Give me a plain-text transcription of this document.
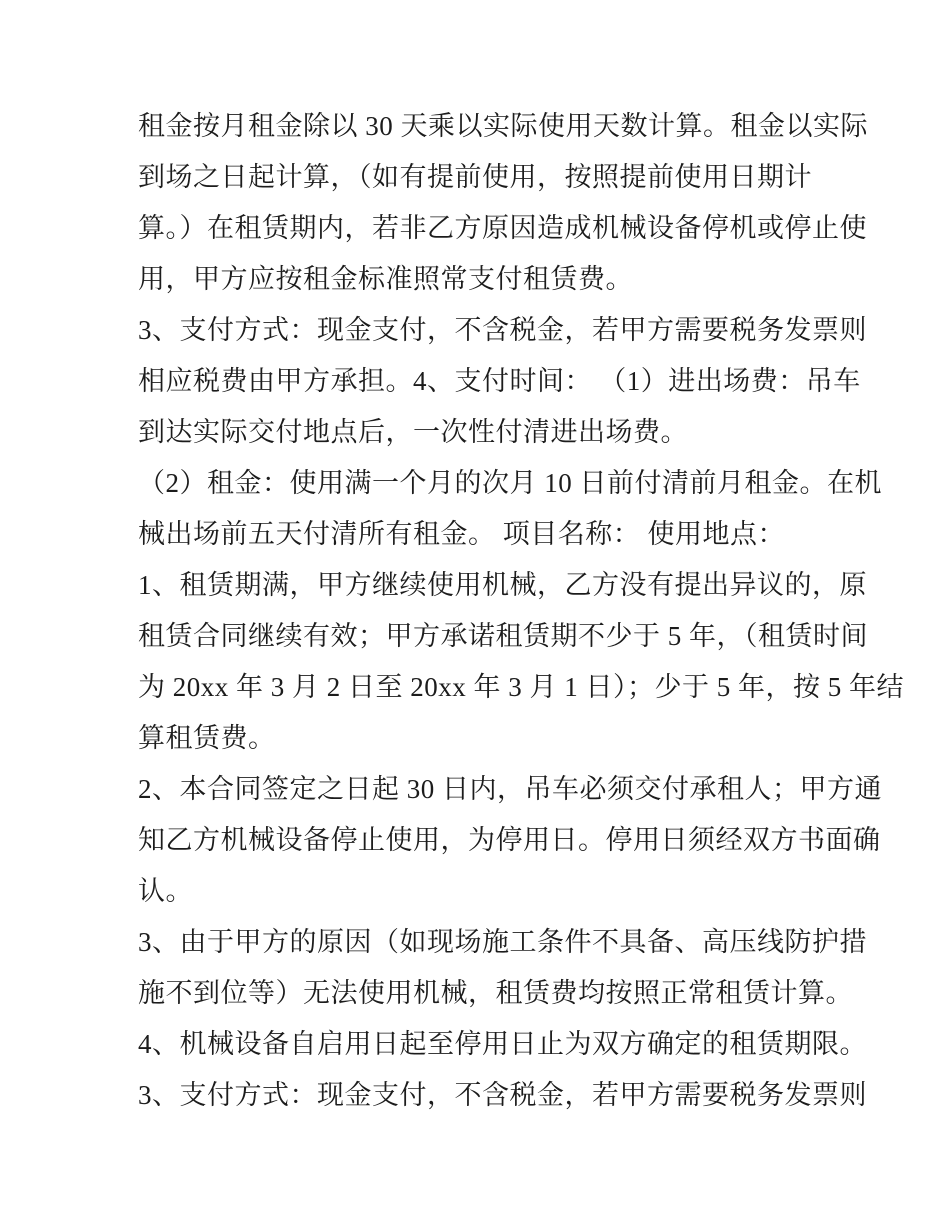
租金按月租金除以 30 天乘以实际使用天数计算。租金以实际
到场之日起计算，（如有提前使用，按照提前使用日期计
算。）在租赁期内，若非乙方原因造成机械设备停机或停止使
用，甲方应按租金标准照常支付租赁费。
3、支付方式：现金支付，不含税金，若甲方需要税务发票则
相应税费由甲方承担。4、支付时间： （1）进出场费：吊车
到达实际交付地点后，一次性付清进出场费。
（2）租金：使用满一个月的次月 10 日前付清前月租金。在机
械出场前五天付清所有租金。 项目名称： 使用地点：
1、租赁期满，甲方继续使用机械，乙方没有提出异议的，原
租赁合同继续有效；甲方承诺租赁期不少于 5 年，（租赁时间
为 20xx 年 3 月 2 日至 20xx 年 3 月 1 日）；少于 5 年，按 5 年结
算租赁费。
2、本合同签定之日起 30 日内，吊车必须交付承租人；甲方通
知乙方机械设备停止使用，为停用日。停用日须经双方书面确
认。
3、由于甲方的原因（如现场施工条件不具备、高压线防护措
施不到位等）无法使用机械，租赁费均按照正常租赁计算。
4、机械设备自启用日起至停用日止为双方确定的租赁期限。
3、支付方式：现金支付，不含税金，若甲方需要税务发票则
